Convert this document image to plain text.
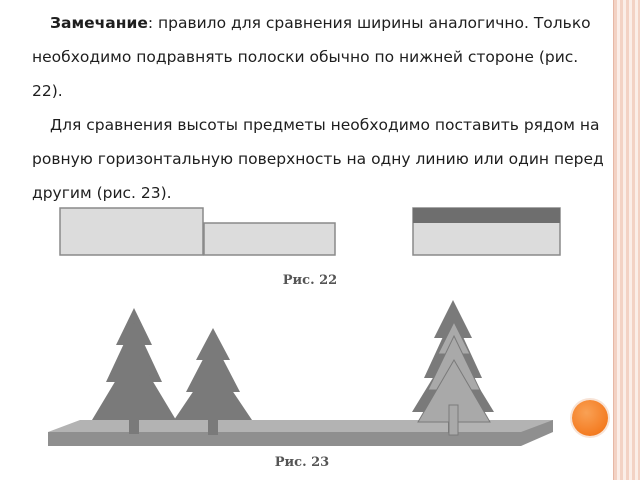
Замечание: правило для сравнения ширины аналогично. Только необходимо подравнять полоски обычно по нижней стороне (рис. 22).

Для сравнения высоты предметы необходимо поставить рядом на ровную горизонтальную поверхность на одну линию или один перед другим (рис. 23).

Рис. 22
Рис. 23
